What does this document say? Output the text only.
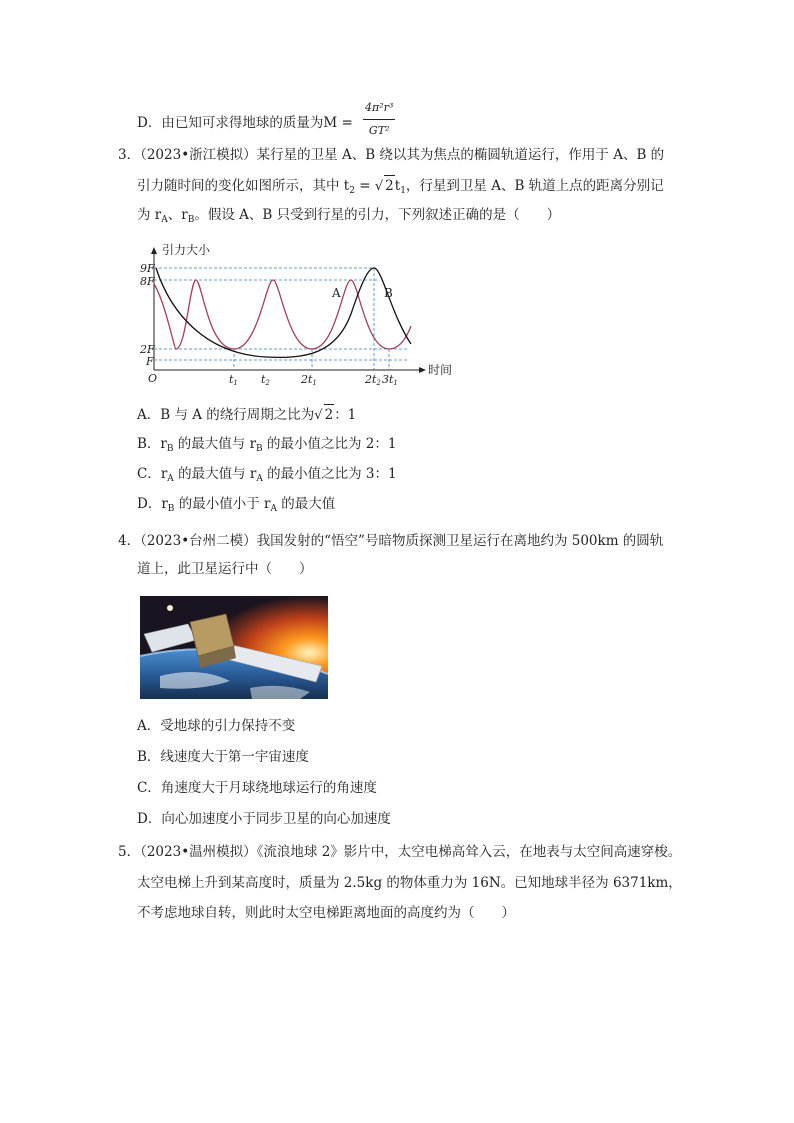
D．由已知可求得地球的质量为$M = \frac{\text{4π²r³}}{\text{GT²}}$
3．（2023•浙江模拟）某行星的卫星 A、B 绕以其为焦点的椭圆轨道运行，作用于 A、B 的
引力随时间的变化如图所示，其中 $t_2$ = √ $2t_1$，行星到卫星 A、B 轨道上点的距离分别记
为 $r_A$、$r_B$。假设 A、B 只受到行星的引力，下列叙述正确的是（　　）
引力大小
时间
O
9F
8F
2F
F
A	B
t1 t2	2t1	2t2 3t1
A．B 与 A 的绕行周期之比为√ 2：1
B．$r_B$ 的最大值与 $r_B$ 的最小值之比为 2：1
C．$r_A$ 的最大值与 $r_A$ 的最小值之比为 3：1
D．$r_B$ 的最小值小于 $r_A$ 的最大值
4．（2023•台州二模）我国发射的“悟空”号暗物质探测卫星运行在离地约为 500km 的圆轨
道上，此卫星运行中（　　）
A．受地球的引力保持不变
B．线速度大于第一宇宙速度
C．角速度大于月球绕地球运行的角速度
D．向心加速度小于同步卫星的向心加速度
5．（2023•温州模拟）《流浪地球 2》影片中，太空电梯高耸入云，在地表与太空间高速穿梭。
太空电梯上升到某高度时，质量为 2.5kg 的物体重力为 16N。已知地球半径为 6371km，
不考虑地球自转，则此时太空电梯距离地面的高度约为（　　）
